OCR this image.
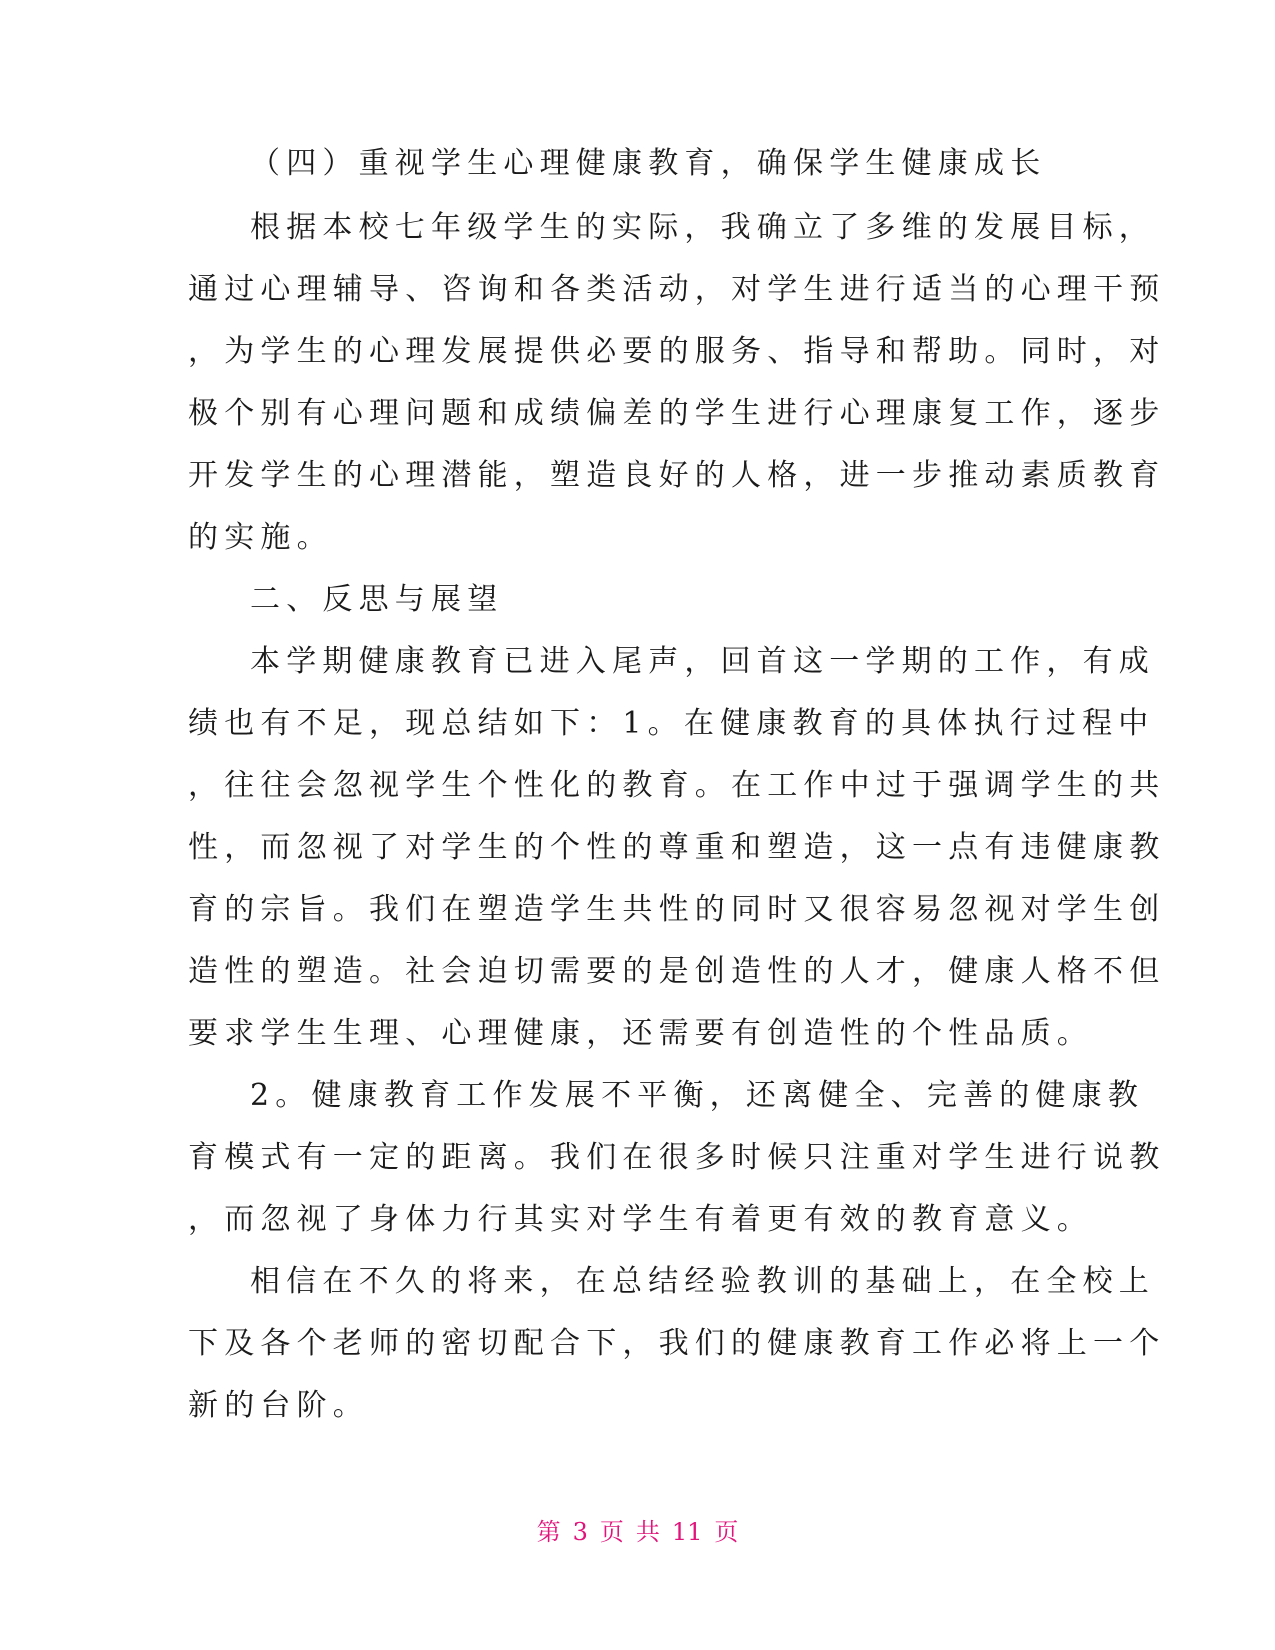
（四）重视学生心理健康教育，确保学生健康成长
根据本校七年级学生的实际，我确立了多维的发展目标，
通过心理辅导、咨询和各类活动，对学生进行适当的心理干预
，为学生的心理发展提供必要的服务、指导和帮助。同时，对
极个别有心理问题和成绩偏差的学生进行心理康复工作，逐步
开发学生的心理潜能，塑造良好的人格，进一步推动素质教育
的实施。
二、反思与展望
本学期健康教育已进入尾声，回首这一学期的工作，有成
绩也有不足，现总结如下：1。在健康教育的具体执行过程中
，往往会忽视学生个性化的教育。在工作中过于强调学生的共
性，而忽视了对学生的个性的尊重和塑造，这一点有违健康教
育的宗旨。我们在塑造学生共性的同时又很容易忽视对学生创
造性的塑造。社会迫切需要的是创造性的人才，健康人格不但
要求学生生理、心理健康，还需要有创造性的个性品质。
2。健康教育工作发展不平衡，还离健全、完善的健康教
育模式有一定的距离。我们在很多时候只注重对学生进行说教
，而忽视了身体力行其实对学生有着更有效的教育意义。
相信在不久的将来，在总结经验教训的基础上，在全校上
下及各个老师的密切配合下，我们的健康教育工作必将上一个
新的台阶。
第 3 页 共 11 页
